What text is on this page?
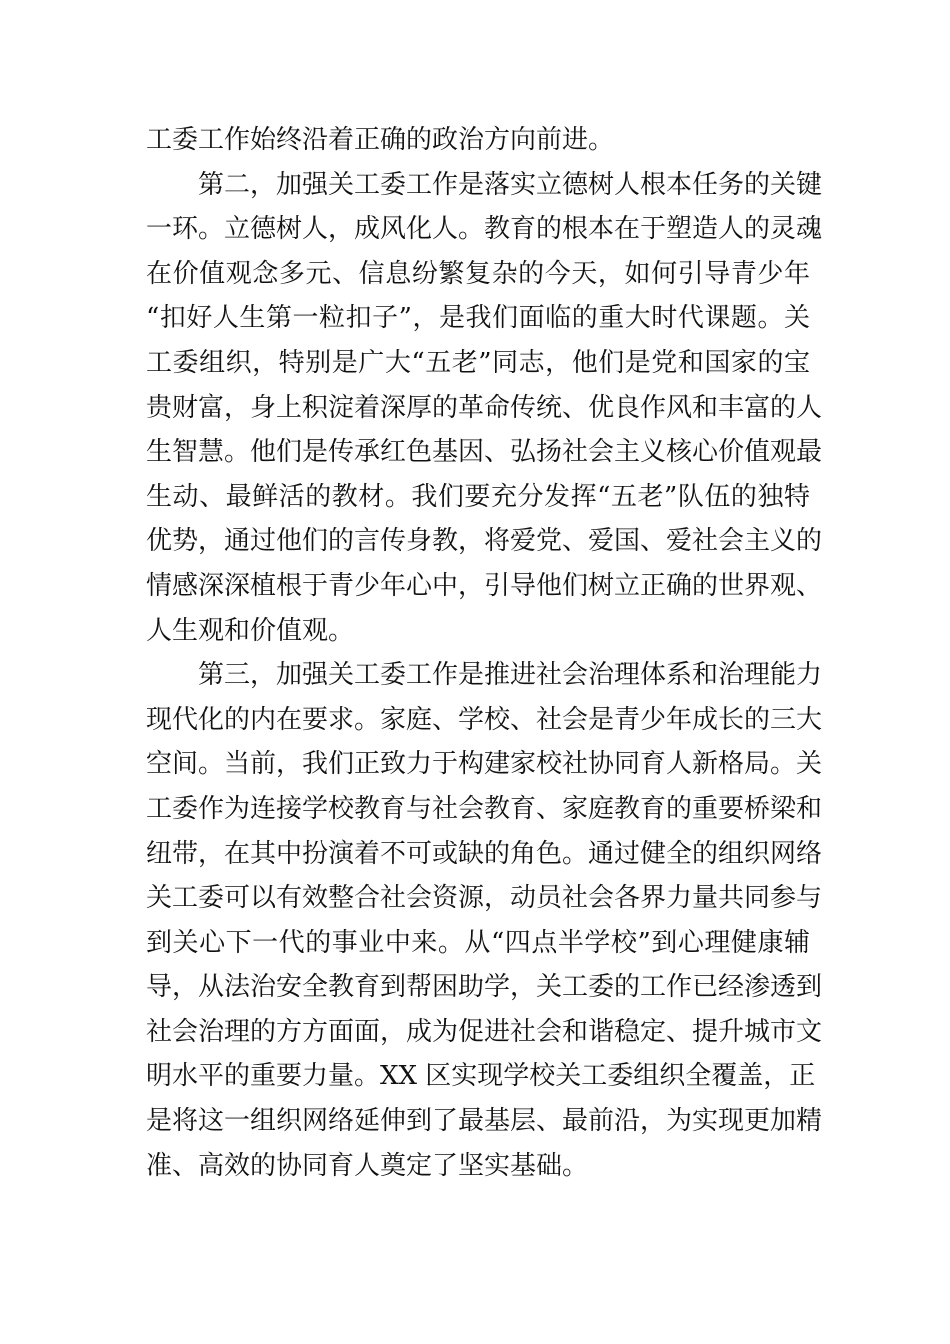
工委工作始终沿着正确的政治方向前进。
第二，加强关工委工作是落实立德树人根本任务的关键
一环。立德树人，成风化人。教育的根本在于塑造人的灵魂
在价值观念多元、信息纷繁复杂的今天，如何引导青少年
“扣好人生第一粒扣子”，是我们面临的重大时代课题。关
工委组织，特别是广大“五老”同志，他们是党和国家的宝
贵财富，身上积淀着深厚的革命传统、优良作风和丰富的人
生智慧。他们是传承红色基因、弘扬社会主义核心价值观最
生动、最鲜活的教材。我们要充分发挥“五老”队伍的独特
优势，通过他们的言传身教，将爱党、爱国、爱社会主义的
情感深深植根于青少年心中，引导他们树立正确的世界观、
人生观和价值观。
第三，加强关工委工作是推进社会治理体系和治理能力
现代化的内在要求。家庭、学校、社会是青少年成长的三大
空间。当前，我们正致力于构建家校社协同育人新格局。关
工委作为连接学校教育与社会教育、家庭教育的重要桥梁和
纽带，在其中扮演着不可或缺的角色。通过健全的组织网络
关工委可以有效整合社会资源，动员社会各界力量共同参与
到关心下一代的事业中来。从“四点半学校”到心理健康辅
导，从法治安全教育到帮困助学，关工委的工作已经渗透到
社会治理的方方面面，成为促进社会和谐稳定、提升城市文
明水平的重要力量。XX 区实现学校关工委组织全覆盖，正
是将这一组织网络延伸到了最基层、最前沿，为实现更加精
准、高效的协同育人奠定了坚实基础。
